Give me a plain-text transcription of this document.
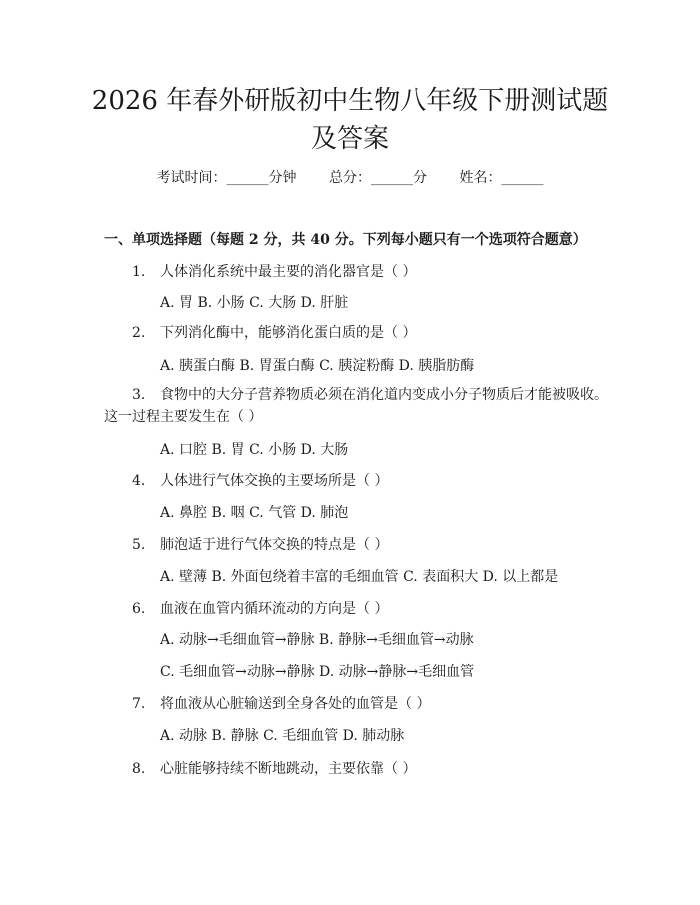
2026 年春外研版初中生物八年级下册测试题
及答案
考试时间：______分钟 总分：______分 姓名：______
一、单项选择题（每题 2 分，共 40 分。下列每小题只有一个选项符合题意）
1. 人体消化系统中最主要的消化器官是（ ）
A. 胃 B. 小肠 C. 大肠 D. 肝脏
2. 下列消化酶中，能够消化蛋白质的是（ ）
A. 胰蛋白酶 B. 胃蛋白酶 C. 胰淀粉酶 D. 胰脂肪酶
3. 食物中的大分子营养物质必须在消化道内变成小分子物质后才能被吸收。
这一过程主要发生在（ ）
A. 口腔 B. 胃 C. 小肠 D. 大肠
4. 人体进行气体交换的主要场所是（ ）
A. 鼻腔 B. 咽 C. 气管 D. 肺泡
5. 肺泡适于进行气体交换的特点是（ ）
A. 壁薄 B. 外面包绕着丰富的毛细血管 C. 表面积大 D. 以上都是
6. 血液在血管内循环流动的方向是（ ）
A. 动脉→毛细血管→静脉 B. 静脉→毛细血管→动脉
C. 毛细血管→动脉→静脉 D. 动脉→静脉→毛细血管
7. 将血液从心脏输送到全身各处的血管是（ ）
A. 动脉 B. 静脉 C. 毛细血管 D. 肺动脉
8. 心脏能够持续不断地跳动，主要依靠（ ）
